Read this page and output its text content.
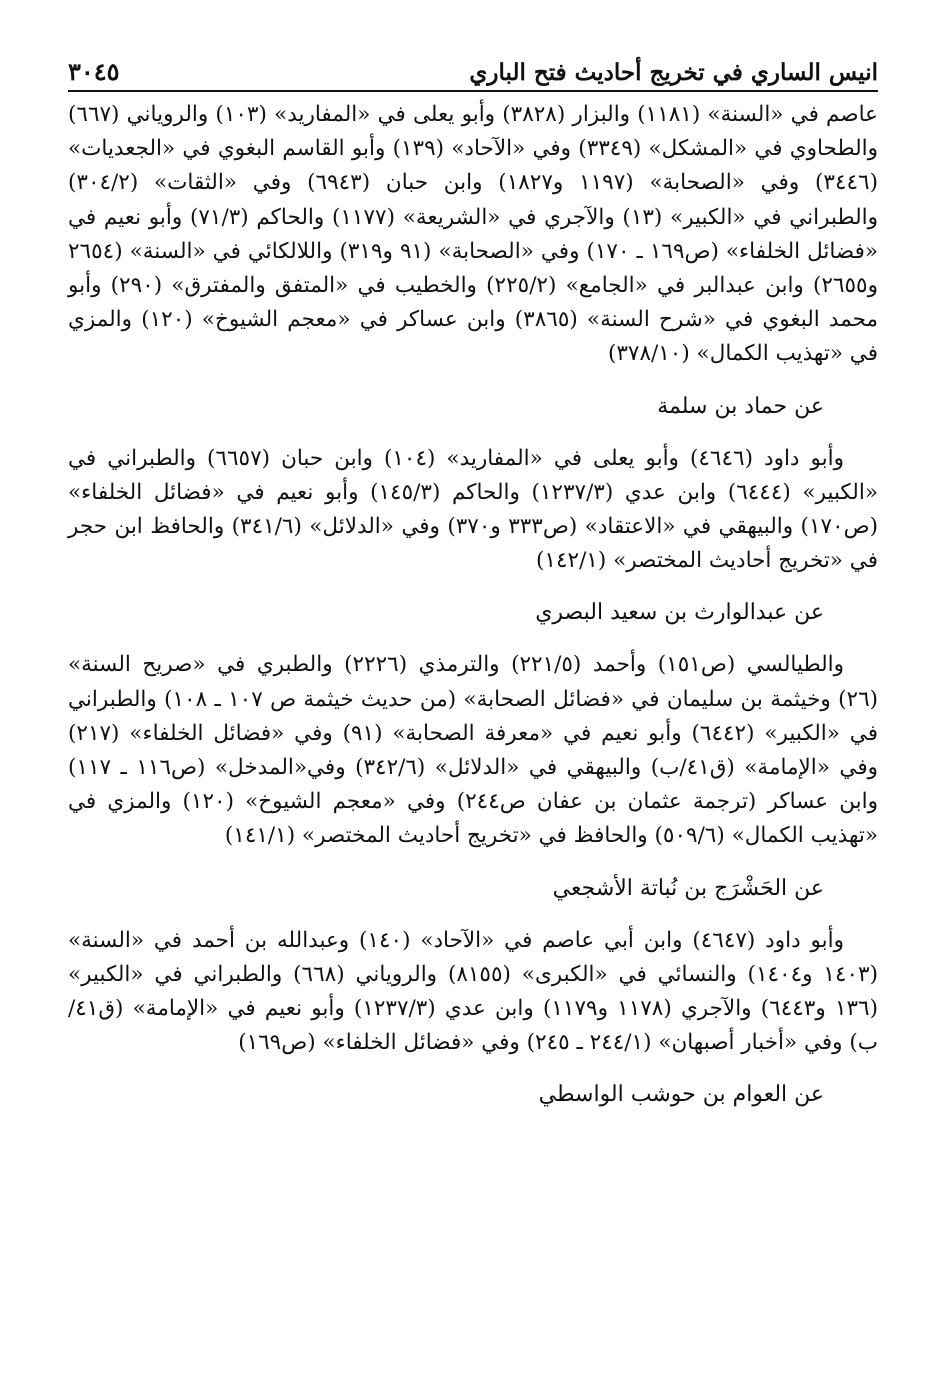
٣٠٤٥	انيس الساري في تخريج أحاديث فتح الباري

عاصم في «السنة» (١١٨١) والبزار (٣٨٢٨) وأبو يعلى في «المفاريد» (١٠٣) والروياني (٦٦٧) والطحاوي في «المشكل» (٣٣٤٩) وفي «الآحاد» (١٣٩) وأبو القاسم البغوي في «الجعديات» (٣٤٤٦) وفي «الصحابة» (١١٩٧ و١٨٢٧) وابن حبان (٦٩٤٣) وفي «الثقات» (٣٠٤/٢) والطبراني في «الكبير» (١٣) والآجري في «الشريعة» (١١٧٧) والحاكم (٧١/٣) وأبو نعيم في «فضائل الخلفاء» (ص١٦٩ ـ ١٧٠) وفي «الصحابة» (٩١ و٣١٩) واللالكائي في «السنة» (٢٦٥٤ و٢٦٥٥) وابن عبدالبر في «الجامع» (٢٢٥/٢) والخطيب في «المتفق والمفترق» (٢٩٠) وأبو محمد البغوي في «شرح السنة» (٣٨٦٥) وابن عساكر في «معجم الشيوخ» (١٢٠) والمزي في «تهذيب الكمال» (٣٧٨/١٠)

عن حماد بن سلمة

وأبو داود (٤٦٤٦) وأبو يعلى في «المفاريد» (١٠٤) وابن حبان (٦٦٥٧) والطبراني في «الكبير» (٦٤٤٤) وابن عدي (١٢٣٧/٣) والحاكم (١٤٥/٣) وأبو نعيم في «فضائل الخلفاء» (ص١٧٠) والبيهقي في «الاعتقاد» (ص٣٣٣ و٣٧٠) وفي «الدلائل» (٣٤١/٦) والحافظ ابن حجر في «تخريج أحاديث المختصر» (١٤٢/١)

عن عبدالوارث بن سعيد البصري

والطيالسي (ص١٥١) وأحمد (٢٢١/٥) والترمذي (٢٢٢٦) والطبري في «صريح السنة» (٢٦) وخيثمة بن سليمان في «فضائل الصحابة» (من حديث خيثمة ص ١٠٧ ـ ١٠٨) والطبراني في «الكبير» (٦٤٤٢) وأبو نعيم في «معرفة الصحابة» (٩١) وفي «فضائل الخلفاء» (٢١٧) وفي «الإمامة» (ق٤١/ب) والبيهقي في «الدلائل» (٣٤٢/٦) وفي«المدخل» (ص١١٦ ـ ١١٧) وابن عساكر (ترجمة عثمان بن عفان ص٢٤٤) وفي «معجم الشيوخ» (١٢٠) والمزي في «تهذيب الكمال» (٥٠٩/٦) والحافظ في «تخريج أحاديث المختصر» (١٤١/١)

عن الحَشْرَج بن نُباتة الأشجعي

وأبو داود (٤٦٤٧) وابن أبي عاصم في «الآحاد» (١٤٠) وعبدالله بن أحمد في «السنة» (١٤٠٣ و١٤٠٤) والنسائي في «الكبرى» (٨١٥٥) والروياني (٦٦٨) والطبراني في «الكبير» (١٣٦ و٦٤٤٣) والآجري (١١٧٨ و١١٧٩) وابن عدي (١٢٣٧/٣) وأبو نعيم في «الإمامة» (ق٤١/ب) وفي «أخبار أصبهان» (٢٤٤/١ ـ ٢٤٥) وفي «فضائل الخلفاء» (ص١٦٩)

عن العوام بن حوشب الواسطي
